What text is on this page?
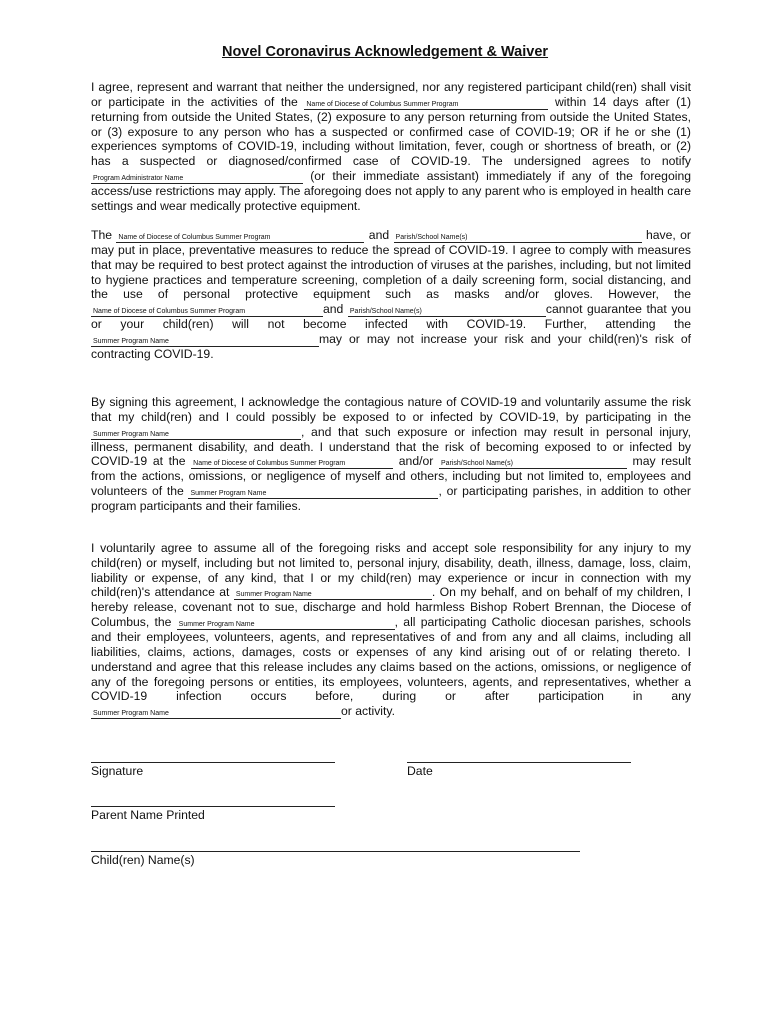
Novel Coronavirus Acknowledgement & Waiver
I agree, represent and warrant that neither the undersigned, nor any registered participant child(ren) shall visit or participate in the activities of the Name of Diocese of Columbus Summer Program	within 14 days after (1) returning from outside the United States, (2) exposure to any person returning from outside the United States, or (3) exposure to any person who has a suspected or confirmed case of COVID-19; OR if he or she (1) experiences symptoms of COVID-19, including without limitation, fever, cough or shortness of breath, or (2) has a suspected or diagnosed/confirmed case of COVID-19. The undersigned agrees to notify Program Administrator Name	(or their immediate assistant) immediately if any of the foregoing access/use restrictions may apply. The aforegoing does not apply to any parent who is employed in health care settings and wear medically protective equipment.
The Name of Diocese of Columbus Summer Program	and Parish/School Name(s)	have, or may put in place, preventative measures to reduce the spread of COVID-19. I agree to comply with measures that may be required to best protect against the introduction of viruses at the parishes, including, but not limited to hygiene practices and temperature screening, completion of a daily screening form, social distancing, and the use of personal protective equipment such as masks and/or gloves. However, the Name of Diocese of Columbus Summer Program	and Parish/School Name(s)	cannot guarantee that you or your child(ren) will not become infected with COVID-19. Further, attending the Summer Program Name	may or may not increase your risk and your child(ren)'s risk of contracting COVID-19.
By signing this agreement, I acknowledge the contagious nature of COVID-19 and voluntarily assume the risk that my child(ren) and I could possibly be exposed to or infected by COVID-19, by participating in the Summer Program Name	, and that such exposure or infection may result in personal injury, illness, permanent disability, and death. I understand that the risk of becoming exposed to or infected by COVID-19 at the Name of Diocese of Columbus Summer Program	and/or Parish/School Name(s)	may result from the actions, omissions, or negligence of myself and others, including but not limited to, employees and volunteers of the Summer Program Name	, or participating parishes, in addition to other program participants and their families.
I voluntarily agree to assume all of the foregoing risks and accept sole responsibility for any injury to my child(ren) or myself, including but not limited to, personal injury, disability, death, illness, damage, loss, claim, liability or expense, of any kind, that I or my child(ren) may experience or incur in connection with my child(ren)'s attendance at Summer Program Name	. On my behalf, and on behalf of my children, I hereby release, covenant not to sue, discharge and hold harmless Bishop Robert Brennan, the Diocese of Columbus, the Summer Program Name	, all participating Catholic diocesan parishes, schools and their employees, volunteers, agents, and representatives of and from any and all claims, including all liabilities, claims, actions, damages, costs or expenses of any kind arising out of or relating thereto. I understand and agree that this release includes any claims based on the actions, omissions, or negligence of any of the foregoing persons or entities, its employees, volunteers, agents, and representatives, whether a COVID-19 infection occurs before, during or after participation in any Summer Program Name	or activity.
Signature	Date
Parent Name Printed
Child(ren) Name(s)
